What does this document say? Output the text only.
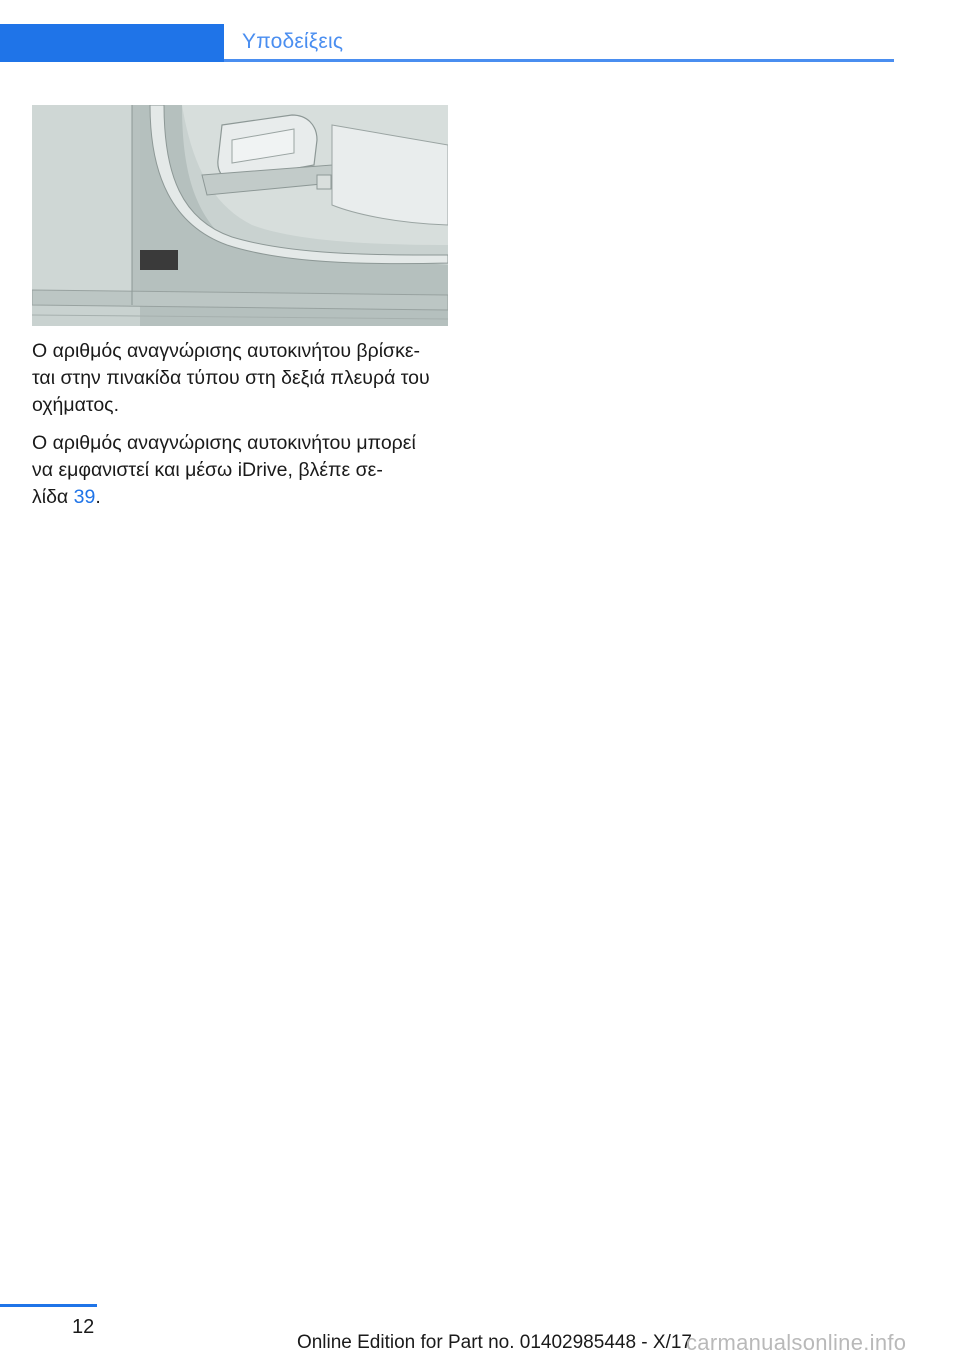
Υποδείξεις
Ο αριθμός αναγνώρισης αυτοκινήτου βρίσκε‐
ται στην πινακίδα τύπου στη δεξιά πλευρά του
οχήματος.
Ο αριθμός αναγνώρισης αυτοκινήτου μπορεί
να εμφανιστεί και μέσω iDrive, βλέπε σε‐
λίδα 39.
12
Online Edition for Part no. 01402985448 - X/17
carmanualsonline.info
